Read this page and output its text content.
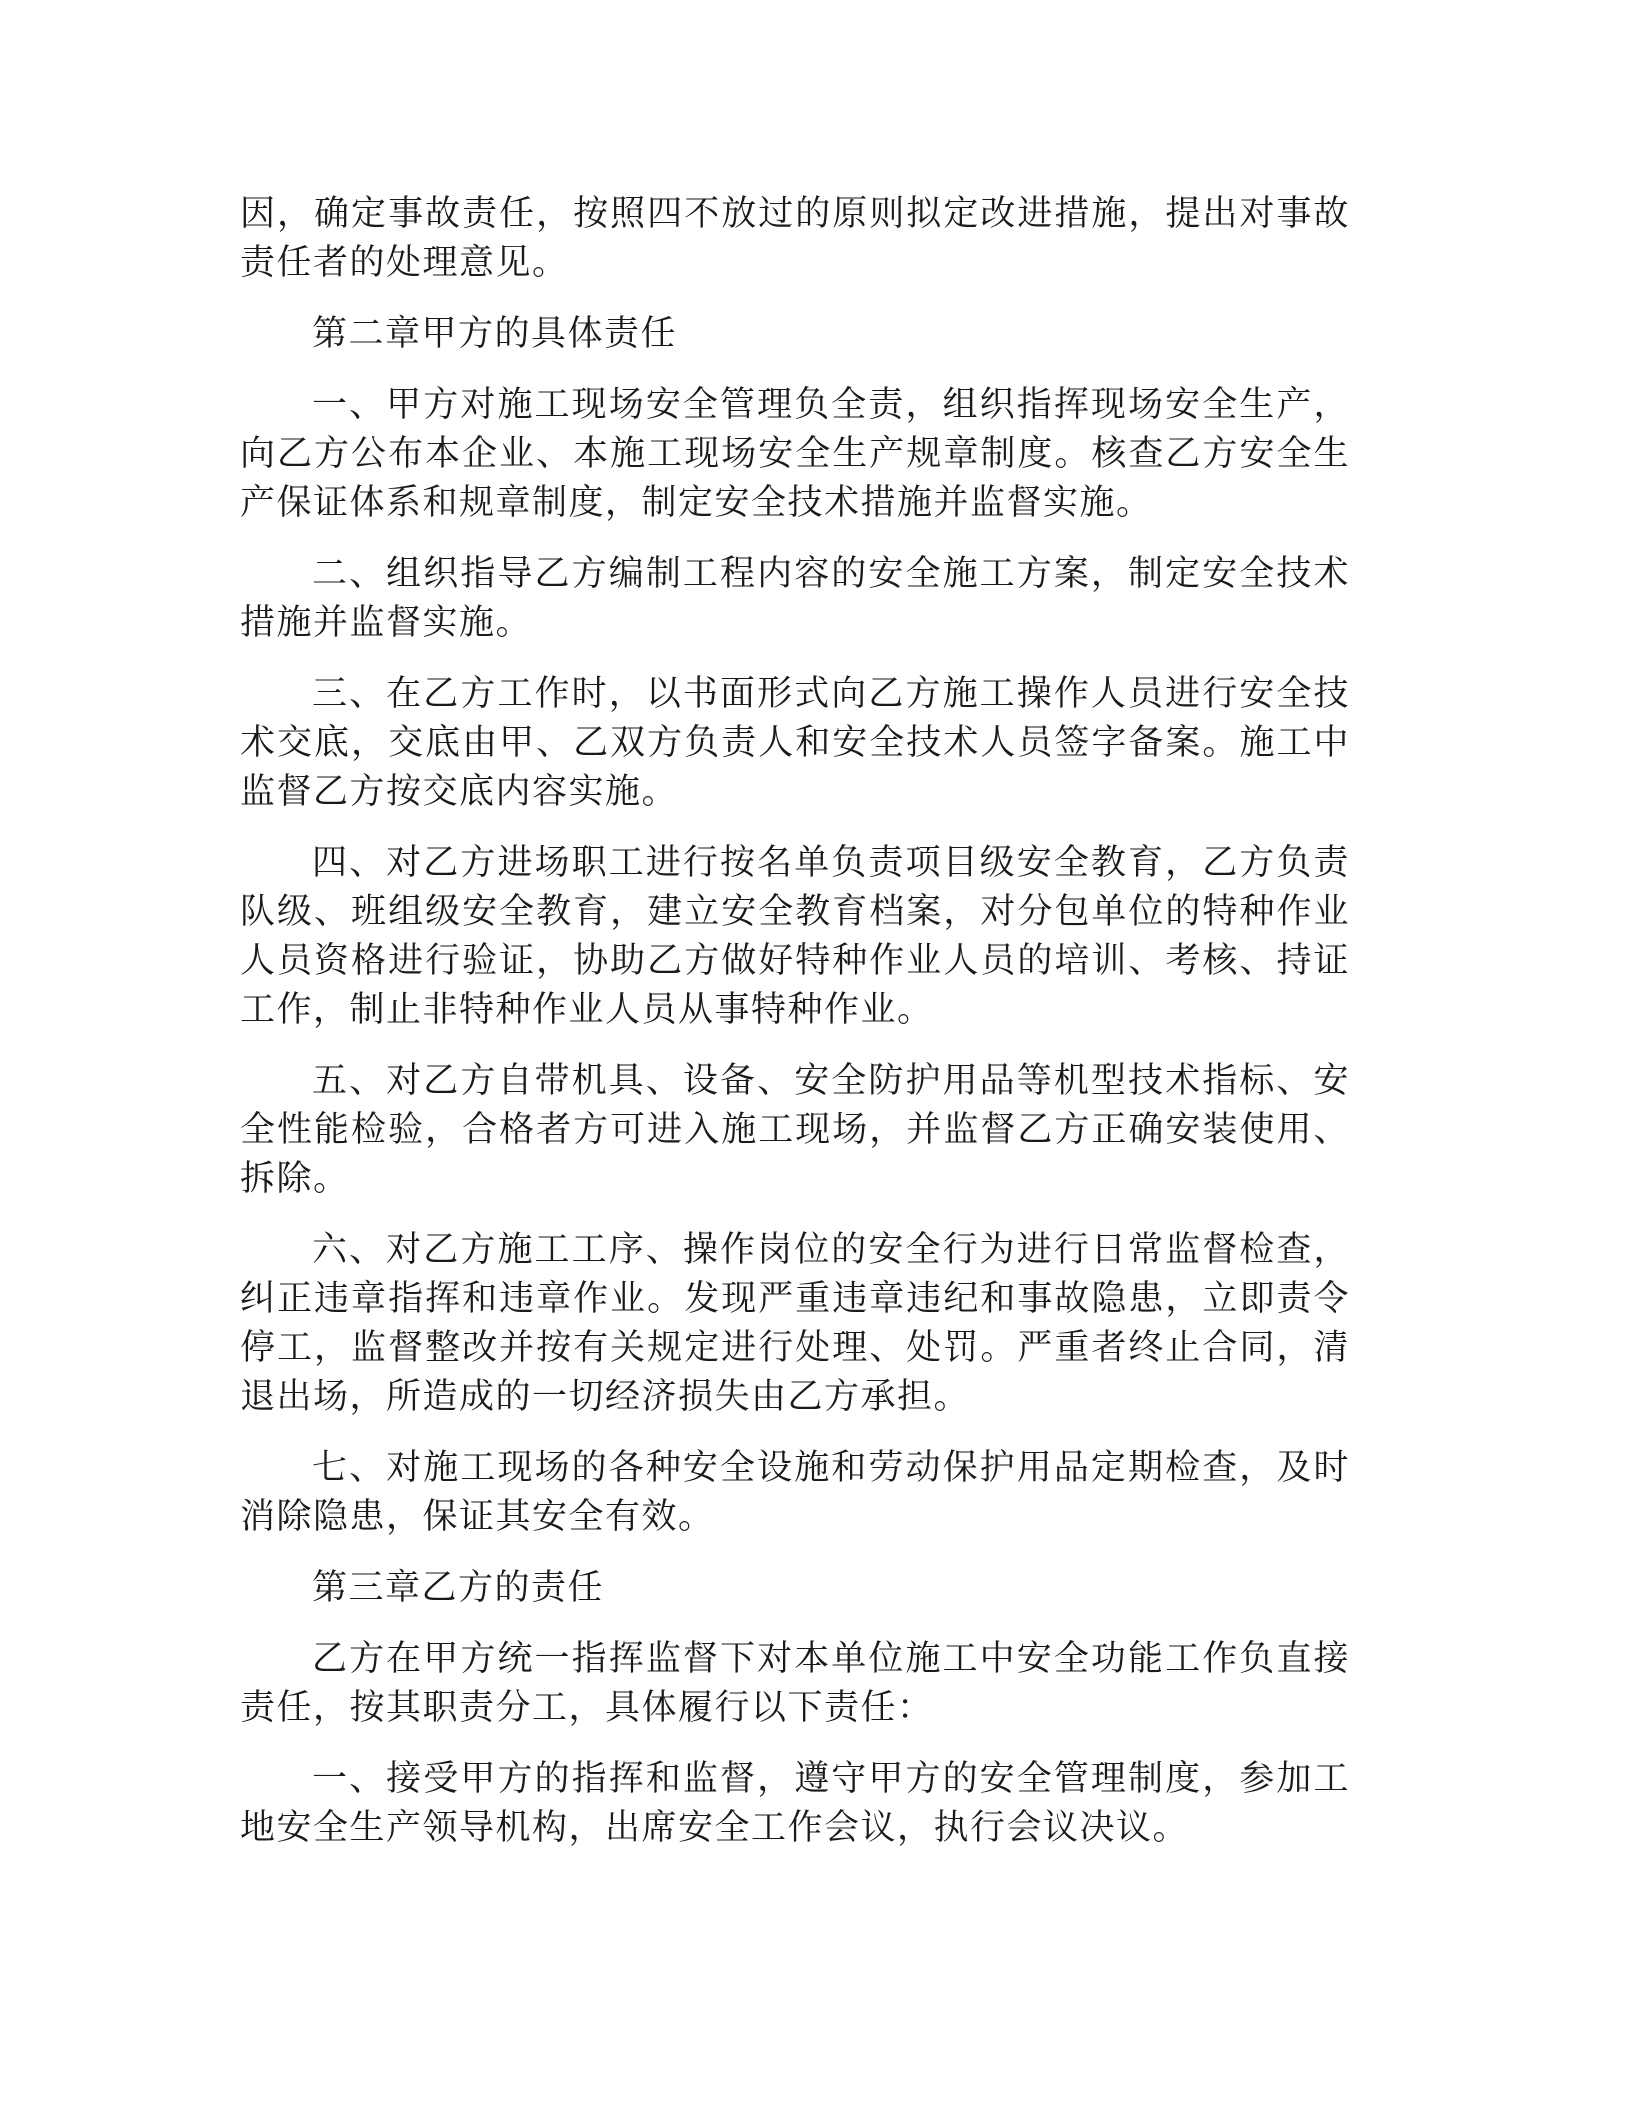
因，确定事故责任，按照四不放过的原则拟定改进措施，提出对事故责任者的处理意见。

第二章甲方的具体责任

一、甲方对施工现场安全管理负全责，组织指挥现场安全生产，向乙方公布本企业、本施工现场安全生产规章制度。核查乙方安全生产保证体系和规章制度，制定安全技术措施并监督实施。

二、组织指导乙方编制工程内容的安全施工方案，制定安全技术措施并监督实施。

三、在乙方工作时，以书面形式向乙方施工操作人员进行安全技术交底，交底由甲、乙双方负责人和安全技术人员签字备案。施工中监督乙方按交底内容实施。

四、对乙方进场职工进行按名单负责项目级安全教育，乙方负责队级、班组级安全教育，建立安全教育档案，对分包单位的特种作业人员资格进行验证，协助乙方做好特种作业人员的培训、考核、持证工作，制止非特种作业人员从事特种作业。

五、对乙方自带机具、设备、安全防护用品等机型技术指标、安全性能检验，合格者方可进入施工现场，并监督乙方正确安装使用、拆除。

六、对乙方施工工序、操作岗位的安全行为进行日常监督检查，纠正违章指挥和违章作业。发现严重违章违纪和事故隐患，立即责令停工，监督整改并按有关规定进行处理、处罚。严重者终止合同，清退出场，所造成的一切经济损失由乙方承担。

七、对施工现场的各种安全设施和劳动保护用品定期检查，及时消除隐患，保证其安全有效。

第三章乙方的责任

乙方在甲方统一指挥监督下对本单位施工中安全功能工作负直接责任，按其职责分工，具体履行以下责任：

一、接受甲方的指挥和监督，遵守甲方的安全管理制度，参加工地安全生产领导机构，出席安全工作会议，执行会议决议。
